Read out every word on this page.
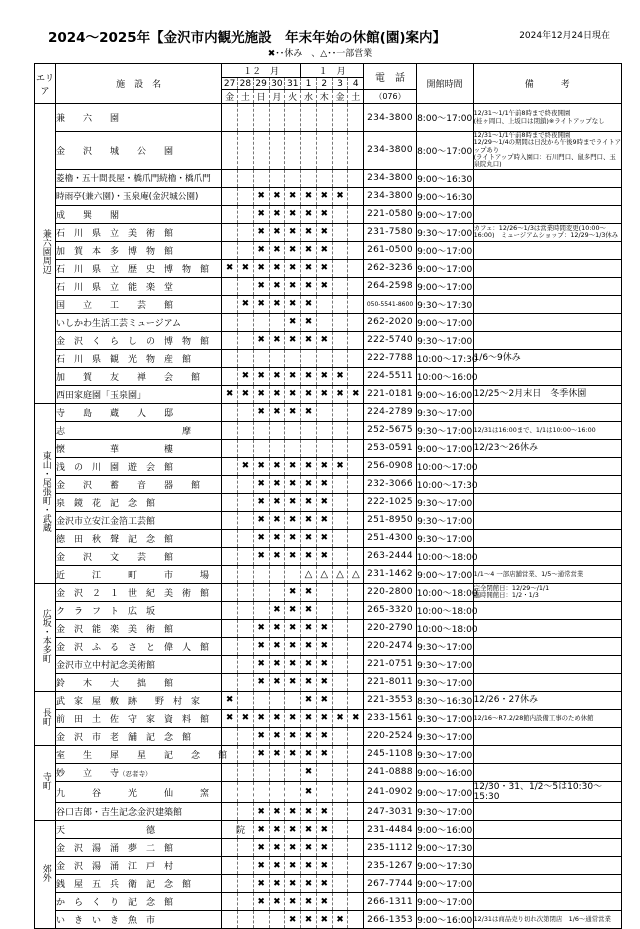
2024～2025年【金沢市内観光施設　年末年始の休館(園)案内】	2024年12月24日現在
✖･･休み　、△･･一部営業
エリア	施　設　名	１２　月					１　月				電　話	開館時間	備　　　考
		27	28	29	30	31	1	2	3	4			
		金	土	日	月	火	水	木	金	土	（076）		
兼六園周辺	兼　　六　　園										234-3800	8:00～17:00	12/31～1/1午前8時まで終夜開園
(桂ヶ岡口、上坂口は閉鎖)※ライトアップなし
	金　　沢　　城　　公　　園										234-3800	8:00～17:00	12/31～1/1午前8時まで終夜開園
12/29～1/4の期間は日没から午後9時までライトアップあり
(ライトアップ時入園口：石川門口、鼠多門口、玉泉院丸口)
	菱櫓・五十間長屋・橋爪門続櫓・橋爪門										234-3800	9:00～16:30	
	時雨亭(兼六園)・玉泉庵(金沢城公園)			✖	✖	✖	✖	✖	✖		234-3800	9:00～16:30	
	成　　巽　　閣			✖	✖	✖	✖	✖			221-0580	9:00～17:00	
	石　川　県　立　美　術　館			✖	✖	✖	✖	✖			231-7580	9:30～17:00	カフェ：12/26～1/3は営業時間変更(10:00～16:00)　ミュージアムショップ：12/29～1/3休み
	加　賀　本　多　博　物　館			✖	✖	✖	✖	✖			261-0500	9:00～17:00	
	石　川　県　立　歴　史　博　物　館	✖	✖	✖	✖	✖	✖	✖			262-3236	9:00～17:00	
	石　川　県　立　能　楽　堂			✖	✖	✖	✖	✖			264-2598	9:00～17:00	
	国　　立　　工　　芸　　館		✖	✖	✖	✖	✖				050-5541-8600	9:30～17:30	
	いしかわ生活工芸ミュージアム					✖	✖				262-2020	9:00～17:00	
	金　沢　く　ら　し　の　博　物　館			✖	✖	✖	✖	✖			222-5740	9:30～17:00	
	石　川　県　観　光　物　産　館										222-7788	10:00～17:30	1/6～9休み
	加　　賀　　友　　禅　　会　　館		✖	✖	✖	✖	✖	✖	✖		224-5511	10:00～16:00	
	西田家庭園「玉泉園」	✖	✖	✖	✖	✖	✖	✖	✖	✖	221-0181	9:00～16:00	12/25～2月末日　冬季休園
東山・尾張町・武蔵	寺　　島　　蔵　　人　　邸			✖	✖	✖	✖				224-2789	9:30～17:00	
	志　　　　　　　　　　　　　摩										252-5675	9:30～17:00	12/31は16:00まで、1/1は10:00～16:00
	懐　　　　　華　　　　　樓										253-0591	9:00～17:00	12/23～26休み
	浅　の　川　園　遊　会　館		✖	✖	✖	✖	✖	✖	✖		256-0908	10:00～17:00	
	金　　沢　　蓄　　音　　器　　館			✖	✖	✖	✖	✖			232-3066	10:00～17:30	
	泉　鏡　花　記　念　館			✖	✖	✖	✖	✖			222-1025	9:30～17:00	
	金沢市立安江金箔工芸館			✖	✖	✖	✖	✖			251-8950	9:30～17:00	
	徳　田　秋　聲　記　念　館			✖	✖	✖	✖	✖			251-4300	9:30～17:00	
	金　　沢　　文　　芸　　館			✖	✖	✖	✖	✖			263-2444	10:00～18:00	
	近　　　江　　　町　　　市　　　場						△	△	△	△	231-1462	9:00～17:00	1/1～4 一部店舗営業、1/5～通常営業
広坂・本多町	金　沢　２　１　世　紀　美　術　館					✖	✖				220-2800	10:00～18:00	完全閉館日：12/29～/1/1
臨時開館日：1/2・1/3
	ク　ラ　フ　ト　広　坂				✖	✖	✖				265-3320	10:00～18:00	
	金　沢　能　楽　美　術　館			✖	✖	✖	✖	✖			220-2790	10:00～18:00	
	金　沢　ふ　る　さ　と　偉　人　館			✖	✖	✖	✖	✖			220-2474	9:30～17:00	
	金沢市立中村記念美術館			✖	✖	✖	✖	✖			221-0751	9:30～17:00	
	鈴　　木　　大　　拙　　館			✖	✖	✖	✖	✖			221-8011	9:30～17:00	
長町	武　家　屋　敷　跡　　野　村　家	✖					✖	✖			221-3553	8:30～16:30	12/26・27休み
	前　田　土　佐　守　家　資　料　館	✖	✖	✖	✖	✖	✖	✖	✖	✖	233-1561	9:30～17:00	12/16～R7.2/28館内設備工事のため休館
	金　沢　市　老　舗　記　念　館			✖	✖	✖	✖	✖			220-2524	9:30～17:00	
寺町	室　　生　　犀　　星　　記　　念　　館			✖	✖	✖	✖	✖			245-1108	9:30～17:00	
	妙　　立　　寺（忍者寺）						✖				241-0888	9:00～16:00	
	九　　　谷　　　光　　　仙　　　窯						✖				241-0902	9:00～17:00	12/30・31、1/2～5は10:30～15:30
	谷口吉郎・吉生記念金沢建築館			✖	✖	✖	✖	✖			247-3031	9:30～17:00	
郊外	天　　　　　　　　　德　　　　　　　　　院			✖	✖	✖	✖	✖			231-4484	9:00～16:00	
	金　沢　湯　涌　夢　二　館			✖	✖	✖	✖	✖			235-1112	9:00～17:30	
	金　沢　湯　涌　江　戸　村			✖	✖	✖	✖	✖			235-1267	9:00～17:30	
	銭　屋　五　兵　衛　記　念　館			✖	✖	✖	✖	✖			267-7744	9:00～17:00	
	か　ら　く　り　記　念　館			✖	✖	✖	✖	✖			266-1311	9:00～17:00	
	い　き　い　き　魚　市					✖	✖	✖	✖		266-1353	9:00～16:00	12/31は商品売り切れ次第閉店　1/6～通常営業
